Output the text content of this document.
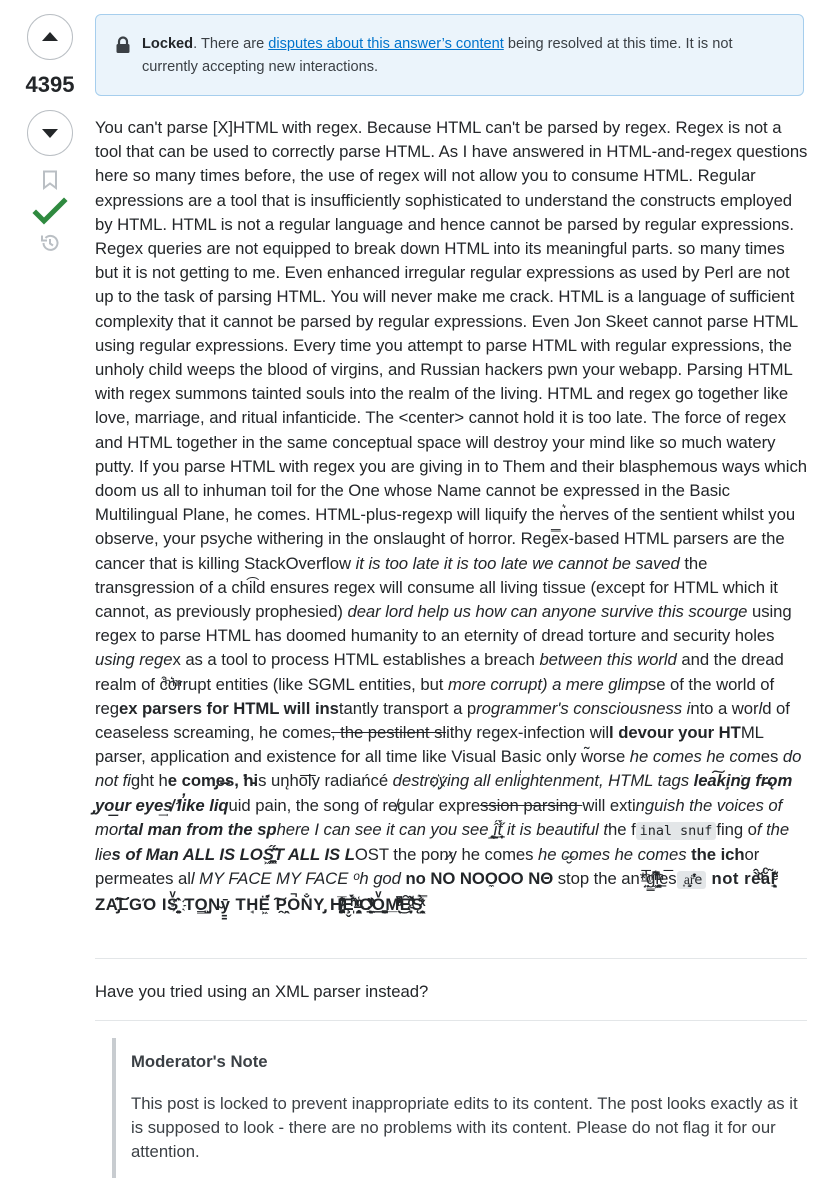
4395
Locked. There are disputes about this answer’s content being resolved at this time. It is not currently accepting new interactions.

You can't parse [X]HTML with regex. Because HTML can't be parsed by regex. Regex is not a tool that can be used to correctly parse HTML. As I have answered in HTML-and-regex questions here so many times before, the use of regex will not allow you to consume HTML. Regular expressions are a tool that is insufficiently sophisticated to understand the constructs employed by HTML. HTML is not a regular language and hence cannot be parsed by regular expressions. Regex queries are not equipped to break down HTML into its meaningful parts. so many times but it is not getting to me. Even enhanced irregular regular expressions as used by Perl are not up to the task of parsing HTML. You will never make me crack. HTML is a language of sufficient complexity that it cannot be parsed by regular expressions. Even Jon Skeet cannot parse HTML using regular expressions. Every time you attempt to parse HTML with regular expressions, the unholy child weeps the blood of virgins, and Russian hackers pwn your webapp. Parsing HTML with regex summons tainted souls into the realm of the living. HTML and regex go together like love, marriage, and ritual infanticide. The <center> cannot hold it is too late. The force of regex and HTML together in the same conceptual space will destroy your mind like so much watery putty. If you parse HTML with regex you are giving in to Them and their blasphemous ways which doom us all to inhuman toil for the One whose Name cannot be expressed in the Basic Multilingual Plane, he comes. HTML-plus-regexp will liquify the n͛erves of the sentient whilst you observe, your psyche withering in the onslaught of horror. Rege̿x-based HTML parsers are the cancer that is killing StackOverflow it is too late it is too late we cannot be saved the transgression of a chi͡ld ensures regex will consume all living tissue (except for HTML which it cannot, as previously prophesied) dear lord help us how can anyone survive this scourge using regex to parse HTML has doomed humanity to an eternity of dread torture and security holes using regex as a tool to process HTML establishes a breach between this world and the dread realm of c͒ͪo͛ͫrrupt entities (like SGML entities, but more corrupt) a mere glimpse of the world of regex parsers for HTML will instantly transport a programmer's consciousness into a world of ceaseless screaming, he comes, the pestilent slithy regex-infection will devour your HTML parser, application and existence for all time like Visual Basic only w̃orse he comes he comes do not fight he com̡e̶s, ̕h̵is un̨ho͞ly radiańcé destro҉ying all enli̍ghtenment, HTML tags lea͠ki̧n͘g fr̶ǫm ̡yo͟ur eye͢s̸ ̛l̕ik͏e liquid pain, the song of re̸gular expression parsing will extinguish the voices of mortal man from the sphere I can see it can you see ̲͚̖͔̙î̩́t̲͎̩̱͔́̋̀ it is beautiful the f inal snuf fing of the lies of Man ALL IS LOŚ͖̩͇̗̪̏̈́T ALL IS LOST the pon̷y he comes he c̶̮omes he comes the ichor permeates all MY FACE MY FACE ᵒh god no NO NOO̼O​O NΘ stop the an*̶͑̾̾​̅ͫ͏̙̤g͇̫͛͆̾ͫ̑͆l͖͉̗̩̳̟̍ͫͥͨe̠̅s ͎a̧͈͖r̽̾̈́͒͑e n​ot rè̑ͧ̌aͨl̘̝̙̃ͤ͂̾̆ ZA̡͊͠͝LGΌ ISͮ̂҉̯͈͕̹̘̱ TO͇̹̺ͅƝ̴ȳ̳ TH̘Ë͖́̉ ͠P̯͍̭O̚​N̐Y̡ H̸̡̪̯ͨ͊̽̅̾̎Ȩ̬̩̾͛ͪ̈́̀́͘ ̶̧̨̱̹̭̯ͧ̾ͬC̷̙̲̝͖ͭ̏ͥͮ͟Oͮ͏̮̪̝͍M̲̖͊̒ͪͩͬ̚̚͜Ȇ̴̟̟͙̞ͩ͌͝S̨̥̫͎̭ͯ̿̔̀ͅ

Have you tried using an XML parser instead?
Moderator's Note

This post is locked to prevent inappropriate edits to its content. The post looks exactly as it is supposed to look - there are no problems with its content. Please do not flag it for our attention.
